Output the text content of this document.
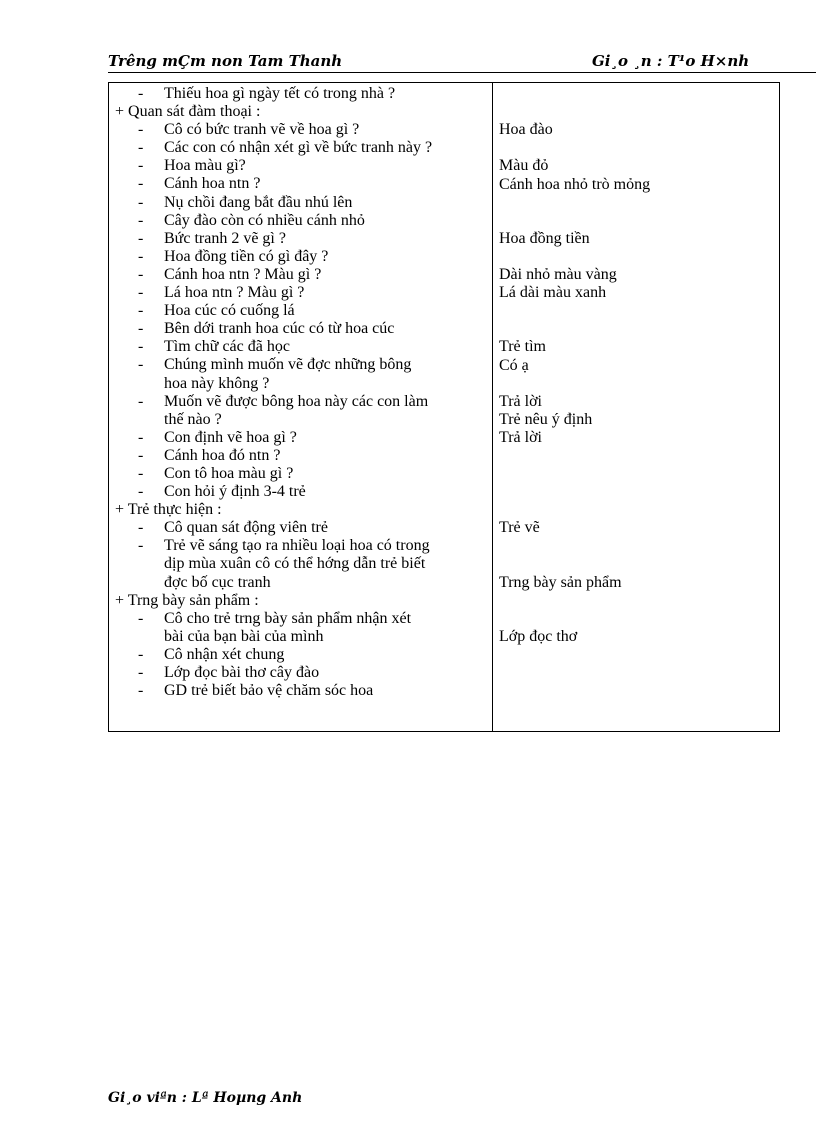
Trêng mÇm non Tam Thanh	Gi¸o ¸n : T¹o H×nh
- Thiếu hoa gì ngày tết có trong nhà ?
+ Quan sát đàm thoại :
- Cô có bức tranh vẽ về hoa gì ?
- Các con có nhận xét gì về bức tranh này ?
- Hoa màu gì?
- Cánh hoa ntn ?
- Nụ chồi đang bắt đầu nhú lên
- Cây đào còn có nhiều cánh nhỏ
- Bức tranh 2 vẽ gì ?
- Hoa đồng tiền có gì đây ?
- Cánh hoa ntn ? Màu gì ?
- Lá hoa ntn ? Màu gì ?
- Hoa cúc có cuống lá
- Bên dới tranh hoa cúc có từ hoa cúc
- Tìm chữ các đã học
- Chúng mình muốn vẽ đợc những bông
hoa này không ?
- Muốn vẽ được bông hoa này các con làm
thế nào ?
- Con định vẽ hoa gì ?
- Cánh hoa đó ntn ?
- Con tô hoa màu gì ?
- Con hỏi ý định 3-4 trẻ
+ Trẻ thực hiện :
- Cô quan sát động viên trẻ
- Trẻ vẽ sáng tạo ra nhiều loại hoa có trong
dịp mùa xuân cô có thể hớng dẫn trẻ biết
đợc bố cục tranh
+ Trng bày sản phẩm :
- Cô cho trẻ trng bày sản phẩm nhận xét
bài của bạn bài của mình
- Cô nhận xét chung
- Lớp đọc bài thơ cây đào
- GD trẻ biết bảo vệ chăm sóc hoa
Hoa đào
Màu đỏ
Cánh hoa nhỏ trò mỏng
Hoa đồng tiền
Dài nhỏ màu vàng
Lá dài màu xanh
Trẻ tìm
Có ạ
Trả lời
Trẻ nêu ý định
Trả lời
Trẻ vẽ
Trng bày sản phẩm
Lớp đọc thơ
Gi¸o viªn : Lª Hoµng Anh
